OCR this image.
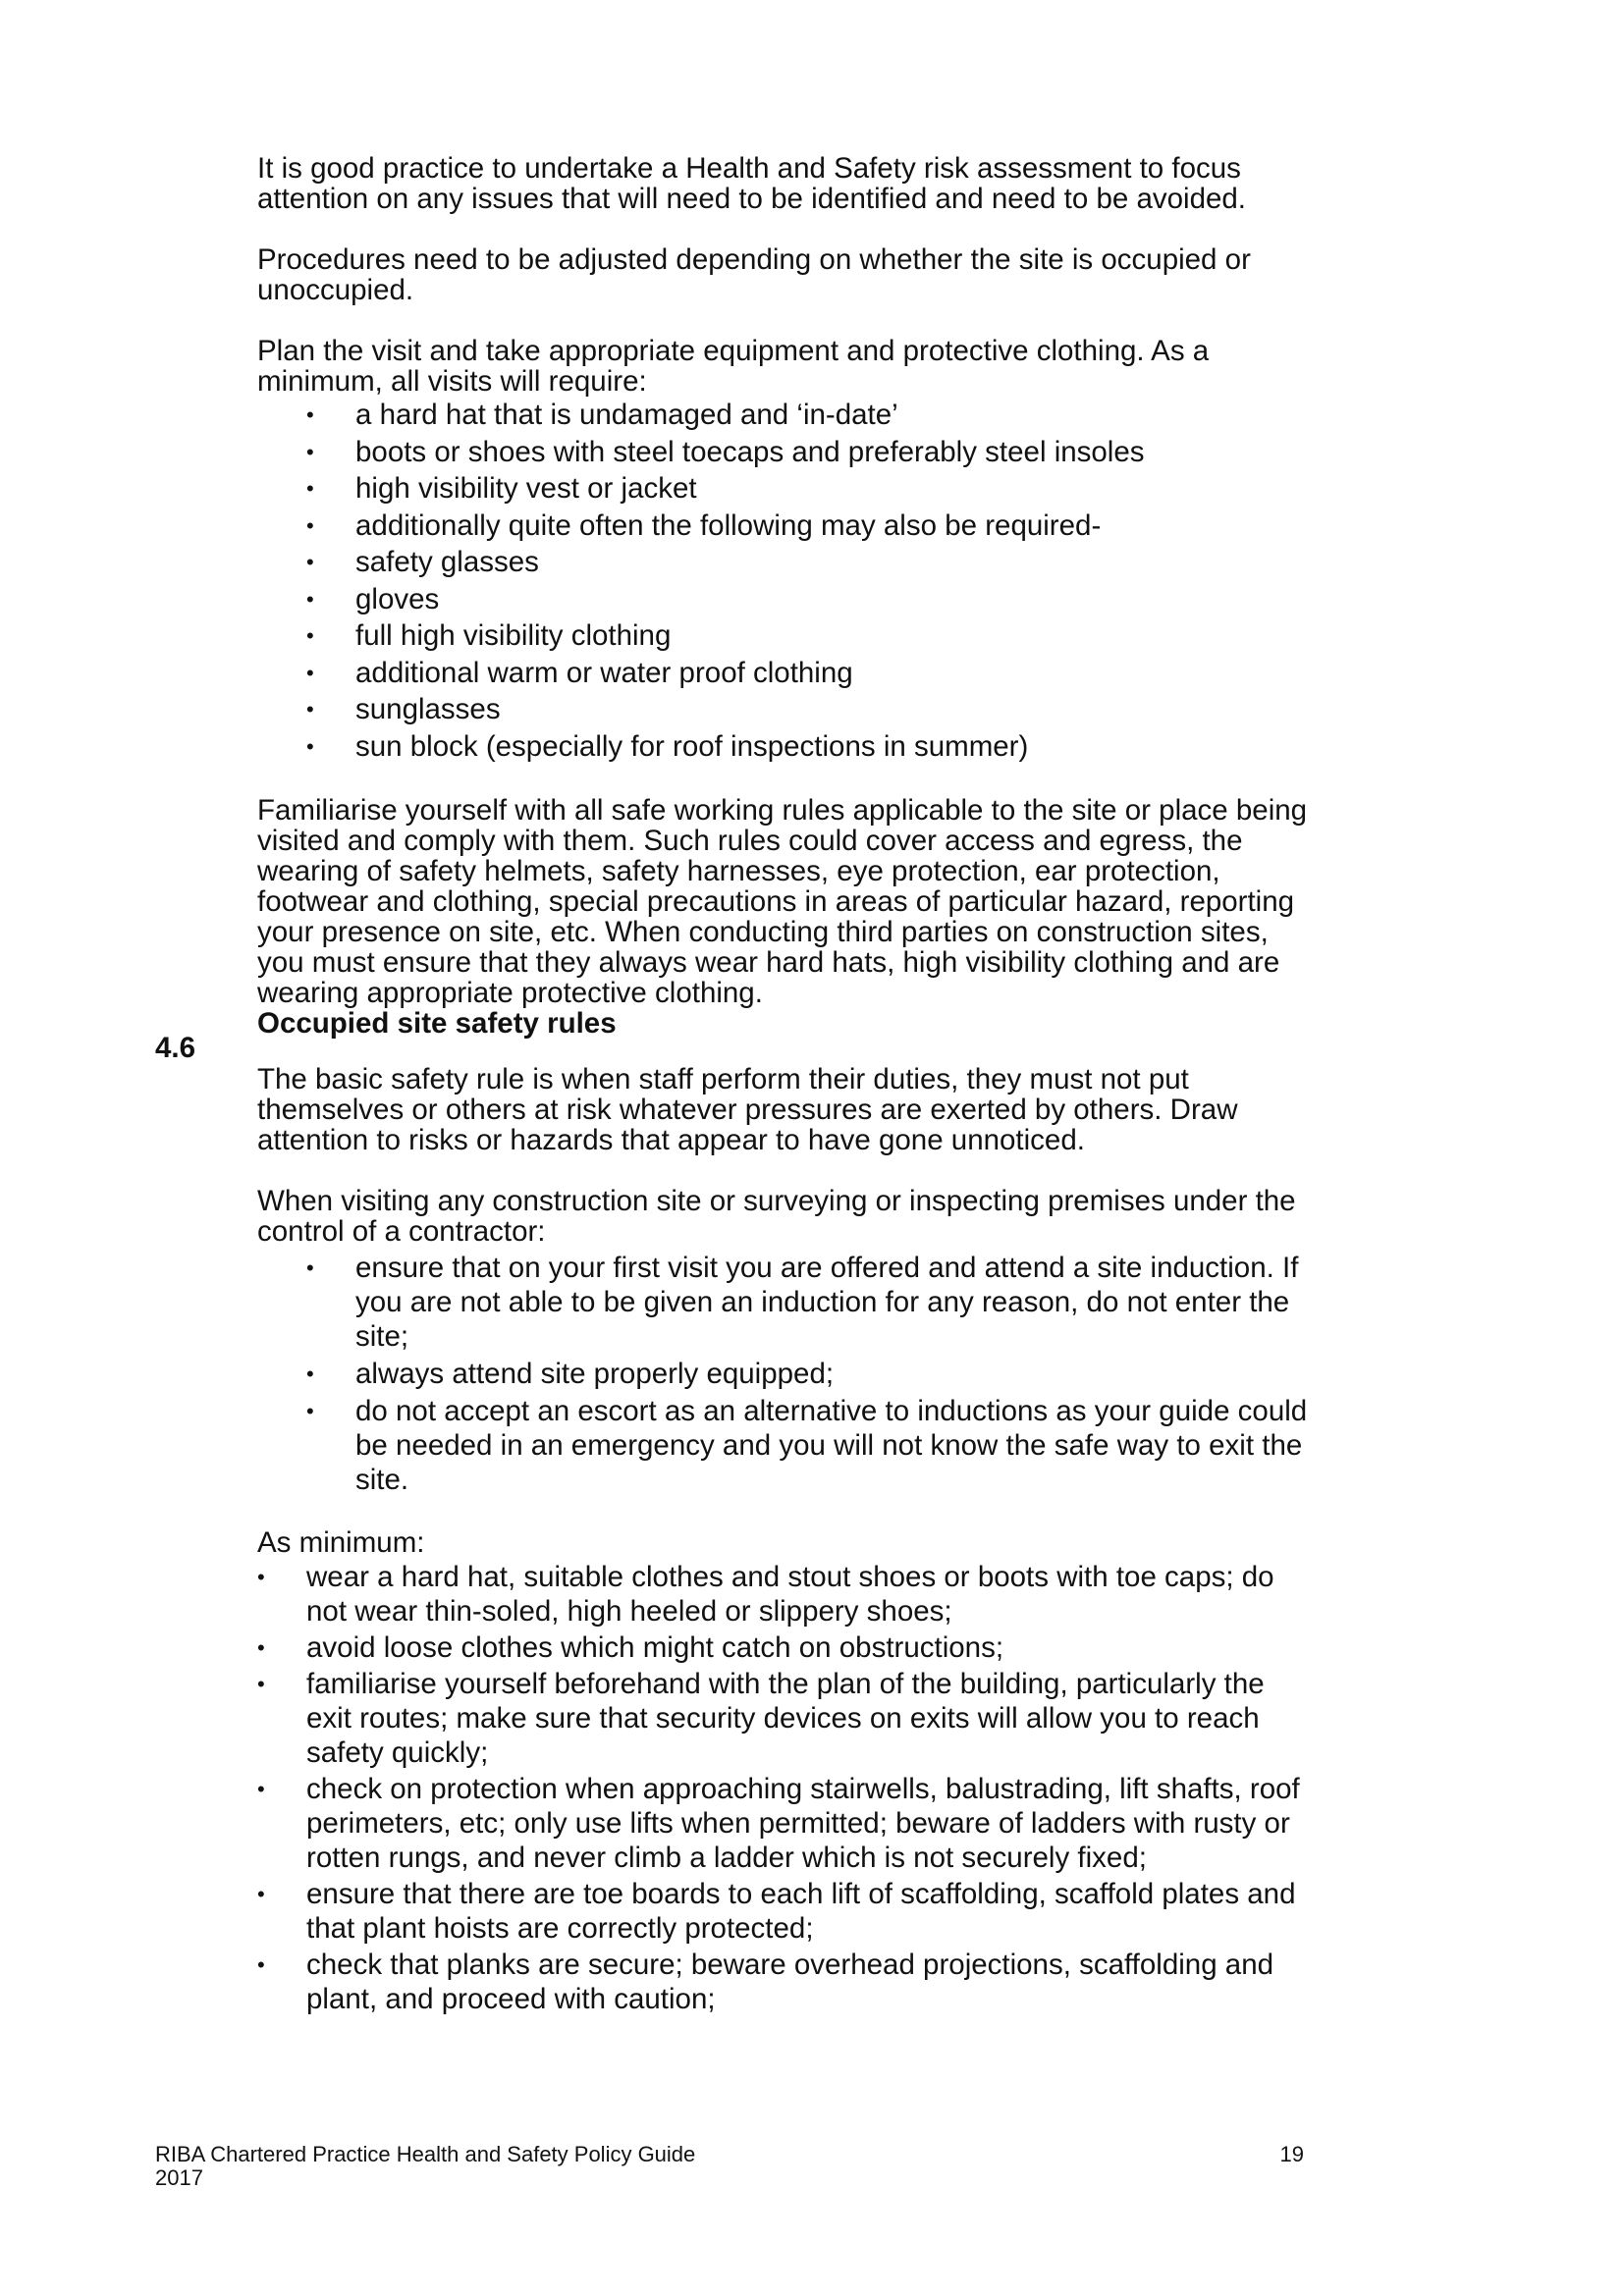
4.6

It is good practice to undertake a Health and Safety risk assessment to focus attention on any issues that will need to be identified and need to be avoided.

Procedures need to be adjusted depending on whether the site is occupied or unoccupied.

Plan the visit and take appropriate equipment and protective clothing. As a minimum, all visits will require:

• a hard hat that is undamaged and ‘in-date’
• boots or shoes with steel toecaps and preferably steel insoles
• high visibility vest or jacket
• additionally quite often the following may also be required-
• safety glasses
• gloves
• full high visibility clothing
• additional warm or water proof clothing
• sunglasses
• sun block (especially for roof inspections in summer)

Familiarise yourself with all safe working rules applicable to the site or place being visited and comply with them. Such rules could cover access and egress, the wearing of safety helmets, safety harnesses, eye protection, ear protection, footwear and clothing, special precautions in areas of particular hazard, reporting your presence on site, etc. When conducting third parties on construction sites, you must ensure that they always wear hard hats, high visibility clothing and are wearing appropriate protective clothing.

Occupied site safety rules

The basic safety rule is when staff perform their duties, they must not put themselves or others at risk whatever pressures are exerted by others. Draw attention to risks or hazards that appear to have gone unnoticed.

When visiting any construction site or surveying or inspecting premises under the control of a contractor:

• ensure that on your first visit you are offered and attend a site induction. If you are not able to be given an induction for any reason, do not enter the site;
• always attend site properly equipped;
• do not accept an escort as an alternative to inductions as your guide could be needed in an emergency and you will not know the safe way to exit the site.

As minimum:

• wear a hard hat, suitable clothes and stout shoes or boots with toe caps; do not wear thin-soled, high heeled or slippery shoes;
• avoid loose clothes which might catch on obstructions;
• familiarise yourself beforehand with the plan of the building, particularly the exit routes; make sure that security devices on exits will allow you to reach safety quickly;
• check on protection when approaching stairwells, balustrading, lift shafts, roof perimeters, etc; only use lifts when permitted; beware of ladders with rusty or rotten rungs, and never climb a ladder which is not securely fixed;
• ensure that there are toe boards to each lift of scaffolding, scaffold plates and that plant hoists are correctly protected;
• check that planks are secure; beware overhead projections, scaffolding and plant, and proceed with caution;
RIBA Chartered Practice Health and Safety Policy Guide
2017
19
